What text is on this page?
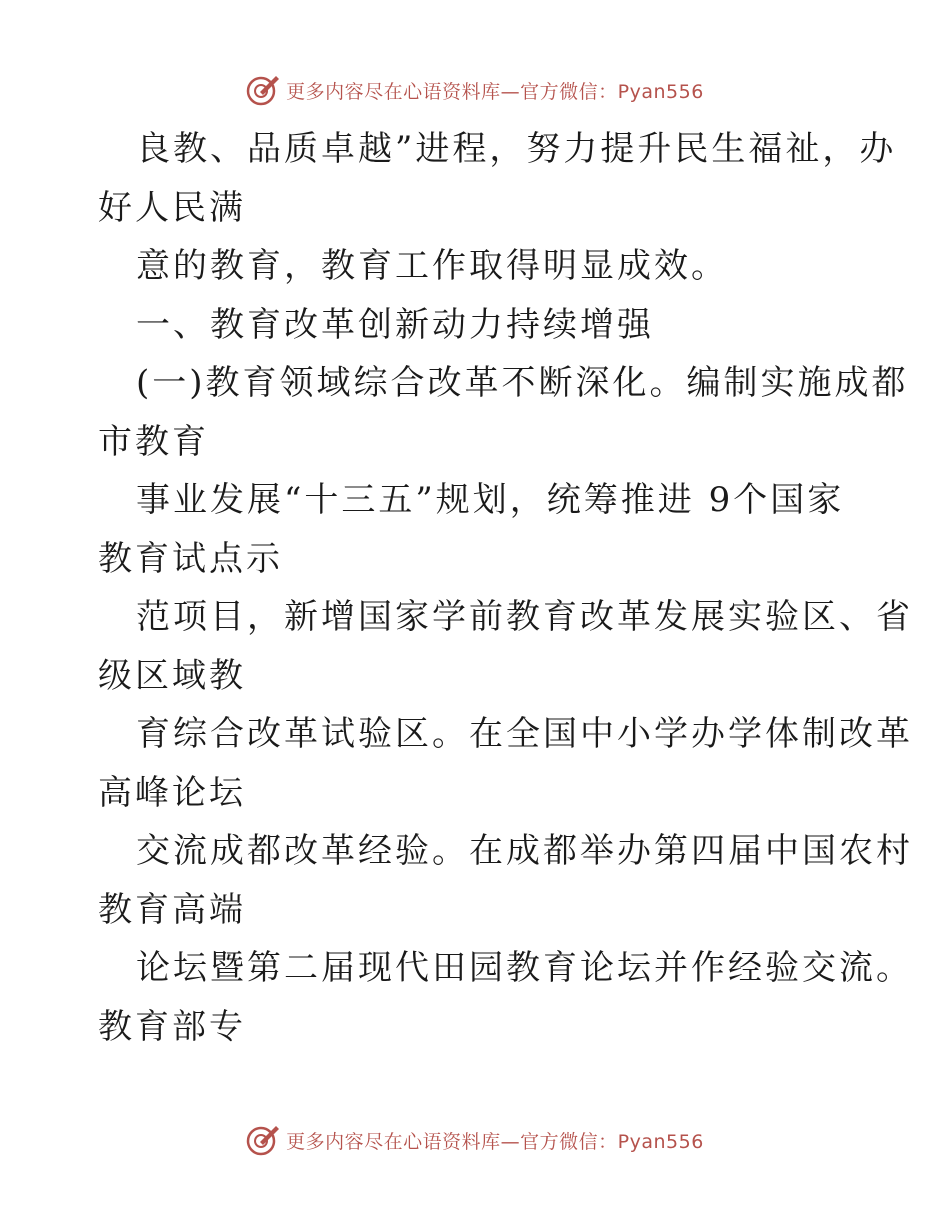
更多内容尽在心语资料库—官方微信：Pyan556
良教、品质卓越”进程，努力提升民生福祉，办
好人民满
意的教育，教育工作取得明显成效。
一、教育改革创新动力持续增强
(一)教育领域综合改革不断深化。编制实施成都
市教育
事业发展“十三五”规划，统筹推进 9个国家
教育试点示
范项目，新增国家学前教育改革发展实验区、省
级区域教
育综合改革试验区。在全国中小学办学体制改革
高峰论坛
交流成都改革经验。在成都举办第四届中国农村
教育高端
论坛暨第二届现代田园教育论坛并作经验交流。
教育部专
更多内容尽在心语资料库—官方微信：Pyan556
